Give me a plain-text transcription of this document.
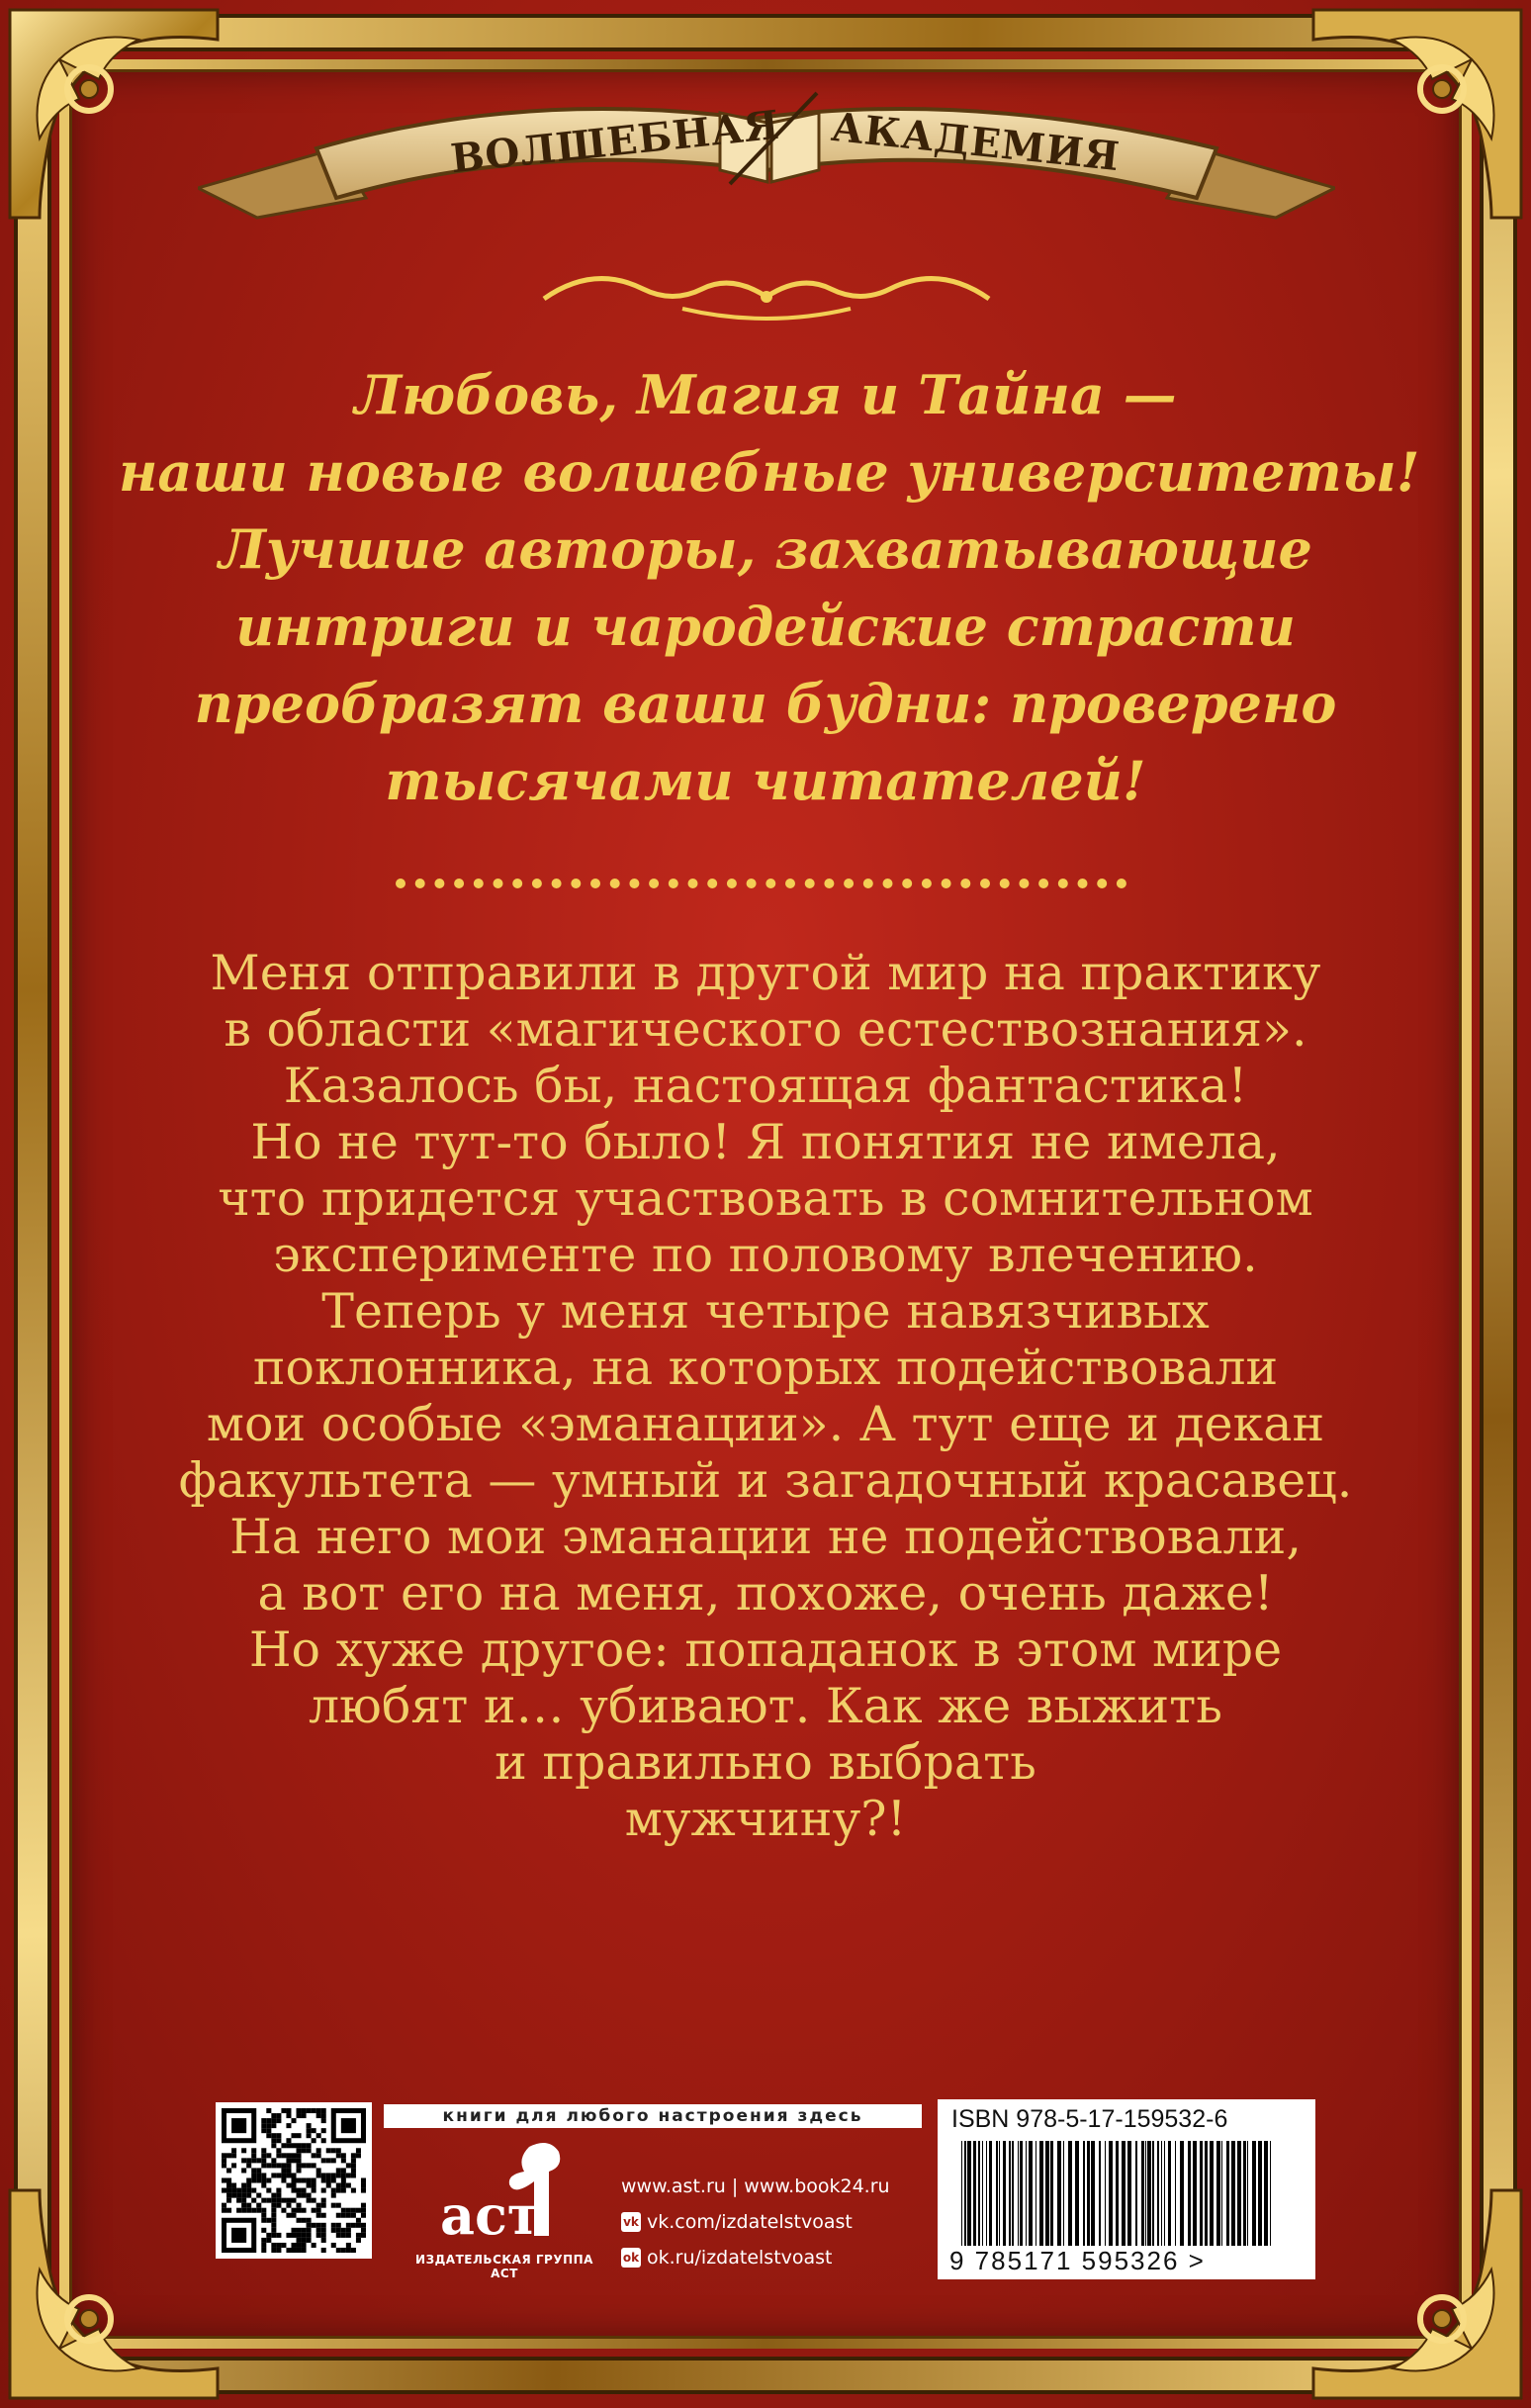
ВОЛШЕБНАЯ АКАДЕМИЯ
Любовь, Магия и Тайна —
наши новые волшебные университеты!
Лучшие авторы, захватывающие
интриги и чародейские страсти
преобразят ваши будни: проверено
тысячами читателей!
Меня отправили в другой мир на практику
в области «магического естествознания».
Казалось бы, настоящая фантастика!
Но не тут-то было! Я понятия не имела,
что придется участвовать в сомнительном
эксперименте по половому влечению.
Теперь у меня четыре навязчивых
поклонника, на которых подействовали
мои особые «эманации». А тут еще и декан
факультета — умный и загадочный красавец.
На него мои эманации не подействовали,
а вот его на меня, похоже, очень даже!
Но хуже другое: попаданок в этом мире
любят и… убивают. Как же выжить
и правильно выбрать
мужчину?!
книги для любого настроения здесь
аст
ИЗДАТЕЛЬСКАЯ ГРУППА АСТ
www.ast.ru | www.book24.ru
vk vk.com/izdatelstvoast
ok ok.ru/izdatelstvoast
ISBN 978-5-17-159532-6
9 785171 595326 >
